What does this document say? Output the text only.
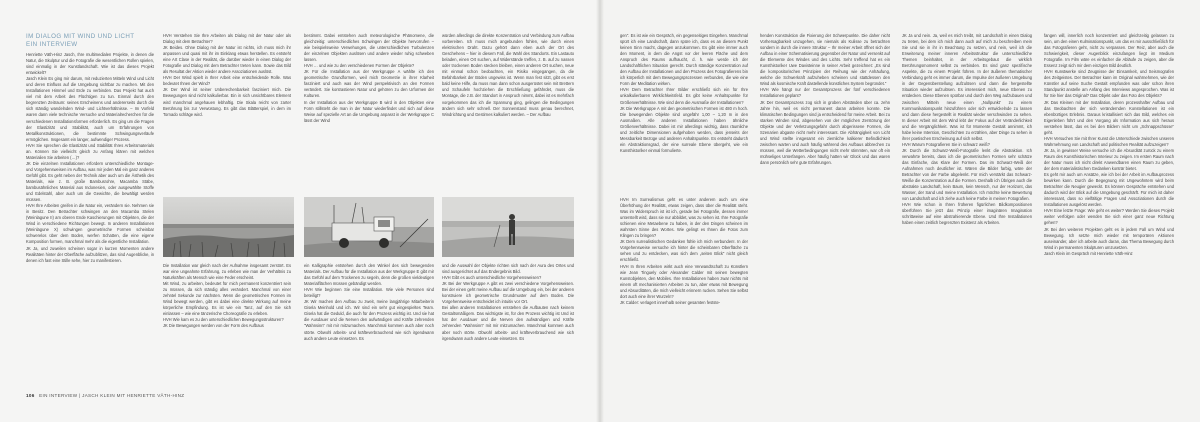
IM DIALOG MIT WIND UND LICHT
EIN INTERVIEW

Henriette Väth-Hinz Jasch, Ihre multimedialen Projekte, in denen die Natur, die Skulptur und die Fotografie die wesentlichen Rollen spielen, sind einmalig in der Kunstlandschaft. Wie ist das dieses Projekt entwickelt?
Jasch Klein Es ging mir darum, mit reduzierten Mitteln Wind und Licht und deren Einfluss auf die Umgebung sichtbar zu machen. Mit den Installationen Himmel und Erde zu verbinden. Das Projekt hat auch viel mit dem Arbeit des Flüchtigen zu tun. Einmal durch den begrenzten Zeitraum: seines Erscheinens und andererseits durch die sich ständig wandelnden Wind- und Lichtverhältnisse. – Im Vorfeld waren dann viele technische Versuche und Materialrecherchen für die verschiedenen Installationsformen erforderlich. Es ging um die Fragen der Elastizität und Stabilität, auch um Erfahrungen von Metallkonstruktionen, die bestimmte Schwingungsverläufe ermöglichen. Insgesamt ein langer, aufwendiger Prozess.
HVH Sie sprechen die Elastizität und Stabilität Ihres Arbeitsmaterials an. Können Sie vielleicht gleich zu Anfang klären mit welchen Materialien Sie arbeiten (…)?
JK Die einzelnen Installationen erfordern unterschiedliche Montage- und Vorgehensweisen im Aufbau, was mir jeden Mal ein ganz anderes Gefühl gibt. Es geht neben der Technik aber auch um die Ästhetik des Materials, wie z. B. große Bambusrohre, Macamba Stäbe, bambusähnliches Material aus Indonesien, oder ausgewählte Stoffe und Edelstahl, aber auch um die Gewichte, die bewältigt werden müssen.
HVH Ihre Arbeiten greifen in die Natur ein, verändern sie. Nehmen sie in Besitz. Den Betrachter schwingen an den Macamba Stelen (Weinlagune II) am oberen Ende Kaschierungen mit Objekten, die der Wind in verschiedene Richtungen bewegt. In anderen Installationen (Weinlagune X) schwingen geometrische Formen scheinbar schwerelos über dem Boden, werfen Schatten, die eine eigene Komposition formen, manchmal mehr als die eigentliche Installation.
JK Ja, und zuweilen scheinen sogar in kurzen Momenten andere Realitäten hinter der Oberfläche aufzublitzen, das sind Augenblicke, in denen ich fast eine Stille sehe, hier zu manifestieren.

HVH Verstehen Sie Ihre Arbeiten als Dialog mit der Natur oder als Dialog mit dem Betrachter?
JK Beides. Ohne Dialog mit der Natur ist nichts, ich muss mich ihr anpassen und quasi mit ihr im Einklang etwas herstellen. Es entsteht eine Art Clase in der Realität, die darüber wieder in einen Dialog der Fotografie und Dialog mit dem Betrachter treten kann. Sowie das Bild als Resultat der Aktion wieder andere Assoziationen auslöst.
HVH Der Wind spielt in Ihrer Arbeit eine entscheidende Rolle. Was bedeutet Ihnen der Wind?
JK Der Wind ist seiner Unberechenbarkeit fasziniert mich. Die Bewegungen sind nicht kalkulierbar. Ein in sich unsichtbares Element wird manchmal angehauen lebhaftig. Die Skala reicht von zarter Berührung bis zur Verwüstung. Es gibt das Blätterspiel, in dem im Tornado schläge wird.

bestimmt. Dabei entstehen auch meteorologische Phänomene, die gleichzeitig: unterschiedliches Schwingen der Objekte hervorrufen – wie beispielsweise Verwehungen, die unterschiedlichen Turbulenzen der einzelnen Objekten auslösen und andere wieder ruhig schweben lassen.
HVH … und wie zu den verschiedenen Formen der Objekte?
JK Für die Installation aus der Werkgruppe A wählte ich den geometrische Grundformen, weil mich Geometrie in ihrer Klarheit fasziniert und auch was der Wind perspektivisch an den Formen verändert. Sie kontrastieren Natur und gehören zu den Urformen der Kulturen.
In der Installation aus der Werkgruppe B wird in den Objekten eine Form stillsteht die man in der Natur wiederfindet und sich auf diese Weise auf spezielle Art an die Umgebung anpasst in der Werkgruppe C lässt der Wind

würden allerdings die direkte Konzentration und Verbindung zum Aufbau vorbereiten. Ich muss mich angebunden fühlen, wie durch einen elektrischen Draht. Dazu gehört dann eben auch der Ort des Geschehens – hier in diesem Fall, die Wahl des Standorts. Ein Lastauto beladen, einen Ort suchen, auf Widerstände treffen, z. B. auf zu nassen oder trockenen Boden stecken bleiben, einen anderen Ort suchen, neue mit einmal schon beobachten, ein Risiko eingegangen, da die Befahrbarkeit der Böden ungewiss ist. Wenn man fest sitzt, gibt es erst bald keine Hilfe, da muss man dann schon ausgerüstet sein mit Brettern und Schaufeln hochziehen die Erschließung gefährdet, muss die Montage, die z.B. der Standort in Anspruch nimmt, dabei ist es mehrfach vorgekommen das ich die Spannung ging, gelingen die Bedingungen ändern sich sehr schnell. Der Sonnenstand muss genau berechnet, Windrichtung und Gestirnes kalkuliert werden. – Der Aufbau

Die Installation war gleich nach der Aufnahme insgesamt zerstört. Es war eine ungeahnte Erfahrung, zu erleben wie man der Verhältnis zu Naturkräften als Mensch wie eine Feder erscheint.
Mit Wind, zu arbeiten, bedeutet für mich permanent konzentriert sein zu müssen, da sich ständig alles verändert. Manchmal von einer zehntel Sekunde zur nächsten. Wenn die geometrischen Formen im Wind bewegt werden, gibt es dabei eine direkte Wirkung auf meine körperliche Empfindung. Es ist wie ein Tanz, auf den Sie sich einlassen – wie eine tänzerische Choreografie zu erleben.
HVH Wie kam es zu den unterschiedlichen Bewegungsstrukturen?
JK Die Bewegungen werden von der Form des Aufbaus

ein Kalligraphie entstehen durch den Winkel des sich bewegenden Materials. Der Aufbau für die Installation aus der Werkgruppe E gibt mir das Gefühl auf dem Trockenen zu segeln, denn die großen vieldeutigen Materialflächen müssen gebändigt werden.
HVH Wie beginnen Sie eine Installation. Wie viele Personen sind beteiligt?
JK Wir machen den Aufbau zu zweit, meine langjährige Mitarbeiterin Gisela Meinhold und ich. Wir sind ein sehr gut eingespieltes Team. Gisela hat die Geduld, die auch für den Prozess wichtig ist. Und sie hat die Ausdauer und die Nerven den aufwändigen und Kräfte zehrenden "Wahnsinn" mit mir mitzumachen. Manchmal kommen auch aber noch störte. Obwohl arbeits- und kräfteverbrauchend wie sich irgendwann auch andere Leute einsetzen. Es

und die Auswahl der Objekte richten sich nach der Aura des Ortes und sind ausgerichtet auf das Endergebnis Bild.
HVH Gibt es auch unterschiedliche Vorgehensweisen?
JK Bei der Werkgruppe A gibt es zwei verschiedene Vorgehensweisen. Bei der einen geht meine Aufbau auf die Umgebung ein, bei der anderen konstruiere ich geometrische Grundmuster auf dem Boden. Die Vorgehensweise entscheidet ich intuitiv vor Ort.
Bei allen anderen Installationen entstehen die Aufbauten nach keinem Gestaltsmäßigem. Das wichtigste ist, für den Prozess wichtig ist Und ist hat der Ausdauer und die Nerven den aufwändigen und Kräfte zehrenden "Wahnsinn" mit mir mitzumachen. Manchmal kommen auch aber noch störte. Obwohl arbeits- und kräfteverbrauchend wie sich irgendwann auch andere Leute einsetzen. Es

gen". Es ist wie ein Gespräch, ein gegenseitiges Eingehen. Manchmal spürt ich eine Landschaft, dann spüre ich, dass es an diesem Punkt keinen Sinn macht, dagegen anzukommen. Es gibt eine immer auch den Moment, in dem die Angst vor der leeren Fläche und dem Anspruch des Raums aufhaucht, d. h. wie werde ich der Landschaftlichen Situation gerecht. Durch ständige Konzentration auf den Aufbau der Installationen und den Prozess des Fotografierens bin ich körperlich mit dem Bewegungsprozessen verbunden, die wie eine Form der Meditation wirken.
HVH Dem Betrachter Ihrer Bilder erschließt sich ein für Ihre unkalkulierbaren Wirklichkeitsfeld. Es gibt keine Anhaltspunkte für Größenverhältnisse. Wie sind denn die Ausmaße der Installationen?
JK Die Werkgruppe A mit den geometrischen Formen ist 480 m hoch. Die bewegenden Objekte sind ungefähr 1,00 – 1,20 m in den Ausmaßen. Alle anderen Installationen haben ähnliche Größenverhältnisse. Dabei ist mir allerdings wichtig, dass räumliche und zeitliche Dimensionen aufgehoben werden, dass jenseits der Messbarkeit Bezüge und anderen Anhaltspunkte. Es entsteht dadurch ein Abstraktionsgrad, der eine surreale Ebene übergeht, wie ein Kunsthistoriker einmal formulierte.

HVH Im Surrealismus geht es unter anderem auch um eine Überhöhung der Realität, etwas zeigen, dass über die Realität steht. Was im Widerspruch ist ist ich, gerade bei Fotografie, dessen immer unterstellt wird, dass sie nur abbildet, was zu sehen ist. Ihre Fotografie schienen eine Metaebene zu haben, in der den Dingen scheinen im wahrsten Sinne des Wortes. Wie gelingt es Ihnen die Fotos zum Klingen zu bringen?
JK Dem surrealistischen Gedanken fühle ich mich verbunden!. In der Vorgehensweise versuche ich hinter die scheinbaren Oberfläche zu sehen und zu entdecken, was sich dem „seiten Blick" nicht gleich erschließt.
HVH In Ihren Arbeiten wirkt auch eine Verwandtschaft zu Künstlern wie Jean Tinguely oder Alexander Calder mit seinen bewegten Kunstobjekten, den Mobiles. Ihre Installationen haben zwar nichts mit einem oft mechanisierten Arbeiten zu tun, aber etwas mit Bewegung und Absurditäten, die mich vielleicht erinnern rucken. Sehen Sie selbst dort auch eine ihrer Wurzeln?
JK Calder: verlagert innerhalb seiner gesamten festste-

henden Konstruktion die Fixierung der Schwerpunkte. Die daher nicht Vorhersagbarkeit unzugehen, sie niemals als Kulisse zu betrachten sondern in durch die innere Struktur – Ihr meiner Arbeit öffnet sich der Aufbau in einer Schematisierung gegenüber der Natur und versenkt auf die Elemente des Windes und des Lichts. Sehr treffend hat es ein Kunsthistoriker Uwe Davisteinne in seiner Arbeit gezeichnet: „Es sind die kompositorischen Prinzipien der Reihung wie der Anhäufung, welche die Schwerkraft aufzuheben scheinen und stattdessen den Wind als kosmische Kraft dastellende künstliches System begründet."
HVH Wie hängt nur der Gesamtprozess der fünf verschiedenen Installationen geplant?
JK Der Gesamtprozess zog sich in groben Abständen über ca. zehn Jahre hin, weil es nicht permanent daran arbeiten konnte. Die klimatischen Bedingungen sind ja entscheidend für meine Arbeit. Bei zu starken Winden sind, abgesehen von der möglichen Zerstörung der Objekte und der Verletzungsgefahr durch abgerissene Formen, die Szenarien abgaste nicht mehr interessant. Die Abhängigkeit von Licht und Wind stellte insgesamt ein ziemliche kalkierer Befindlichkeit zwischen warten und auch häufig während des Aufbaus abbrechen zu müssen, weil die Wetterbedingungen nicht mehr stimmten, war oft ein mühseliges Unterfangen. Aber häufig hatten wir Glück und das waren dann persönlich sehr gute Erfahrungen.

JK Ja und nein. Ja, weil es mich treibt, mit Landschaft in einen Dialog zu treten, bei dem ich mich dann auch auf mich zu beschreiben mein Sie und sie in ihr in Beachtung zu setzen, und nein, weil ich die Erweiterung meiner inneren Arbeitsstruktur die unterschiedliche Themen beinhaltet, in der Arbeitsgebaut die wirklich Berührungsmoment selbst zu verbinden. Es sind ganz spezifische Aspekte, die zu einem Projekt führen. In der äußeren thematischer Verbindung geht es immer darum, die Impulse der äußeren Umgebung in der Gegenüberstellung aufzulösen und dann die hergestellte Situation wieder aufzulösen. Es interessiert mich, neue Ebenen zu entdecken. Diese Ebenen spürbar und durch den Weg aufzubauen und zwischen Mitteln neue einen „Nullpunkt' zu einem Kommunikationspunkt hinzuführen oder sich entwickelnde zu lassen und dann diese hergestellt in Realität wieder verschwinden zu sehen. In dieser Arbeit mit dem Wind lebt der Fokus auf der Veränderlichkeit und die Vergänglichkeit. Was ist für Momente Gestalt annimmt, ich habe keine Intention, Geschichten zu erzählen, aber Dinge zu sehen in ihrer poetischen Erscheinung auf sich selbst.
HVH Warum Fotografieren Sie in schwarz weiß?
JK Durch die Schwarz-Weiß-Fotografie lenkt die Abstraktion. Ich verwahrte bereits, dass ich die geometrischen Formen sehr schätze das Einfache, das Klare der Formen. Das im Schwarz-Weiß der Aufnahmen noch deutlicher ist. Wären die Bilder farbig, wäre der Betrachter von der Farbe abgelenkt. Für mich verstärkt das Schwarz-Weiße die Konzentration auf die Formen. Deshalb ich Übrigen auch die abstrakte Landschaft, kein Baum, kein Mensch, nur der Horizont, das Wasser, der Sand und meine Installation. Ich möchte keine Bewertung von Landschaft und ich ziehe auch keine Farbe in meinen Fotografien.
HVH Wie schon in Ihren früheren figürlichen Bildkompositionen überführen Sie jetzt das Prinzip einer imaginären Imagination schrittweise auf eine abstrahierende Ebene. Und Ihre Installationen haben einen zeitlich begrenzten Existenz als Arbeiten.

fangen will, innerlich noch konzentriert und gleichzeitig gelassen zu sein, um den einen Kulminationspunkt, um das es mir ausschließlich für das Fotografieren geht, nicht zu verpassen. Der Reiz, aber auch die Schwierigkeit, dieser Augenblick einzufangen liegt im Medium Fotografie. Im Film wäre es einfacher die Abläufe zu zeigen, aber die Essenz zeigt sich mir dem einzigen Bild deutlich.
HVH Kunstwerke sind Zeugnisse der Einsamkeit, und Seismografen des Zeitgeistes. Der Betrachter kann im Original wahrnehmen, wie der Künstler auf seine Suche Gestalt empfunden was oder schon ihren Standpunkt anstelle am Anfang des Interviews angesprochen. Was ist für Sie hier das Original? Das Objekt oder das Foto des Objekts?
JK Das Kleinen mit der Installation, deren prozesshafter Aufbau und das Beobachten der sich verändernden Konstellationen ist ein ebenbürtiges Erlebnis. Daraus kristallisiert sich das Bild, welches ein Eigenleben führt und den Vorgang als Information aus sich heraus verstehen lässt, das es bei den Bildern nicht um „Schnappschüsse" geht.
HVH Versuchen Sie mit Ihrer Kunst die Unterschiede zwischen unseren Wahrnehmung von Landschaft und politischen Realität aufzuzeigen?
JK Ja, in gewisser Weise versuche ich die Absurdität zurück zu einem Raum des Kunsthistorischen Interieur zu zeigen. Im ersten Raum nach der Natur muss ich nicht direkt Anwendbaren einen Raum zu geben, der dem materialistischen Gedanken konträr bietet.
Es geht mir auch um Ansätze, wie ich bei der Arbeit im Aufbauprozess bewirken kann. Durch die Begegnung mit Ungewohntem wird beim Betrachter die Neugier geweckt. Es können Gespräche entstehen und dadurch wird der Blick auf die Umgebung geschärft. Für mich ist daher interessant, dass so vielfältige Fragen und Assoziationen durch die Installationen ausgelöst werden.
HVH Eine letzte Frage: Wie geht es weiter? Werden Sie dieses Projekt weiter verfolgen oder wenden Sie sich einer ganz neue Richtung gehen?
JK Bei den weiteren Projekten geht es in jedem Fall um Wind und Bewegung. Ich setzte mich wieder mit temporären Aktionen auseinander, aber ich arbeite auch daran, das Thema Bewegung durch Wind in permanenten Skulpturen umzusetzen.
Jasch Klein im Gespräch mit Henriette Väth-Hinz

106 EIN INTERVIEW | JASCH KLEIN MIT HENRIETTE VÄTH-HINZ
